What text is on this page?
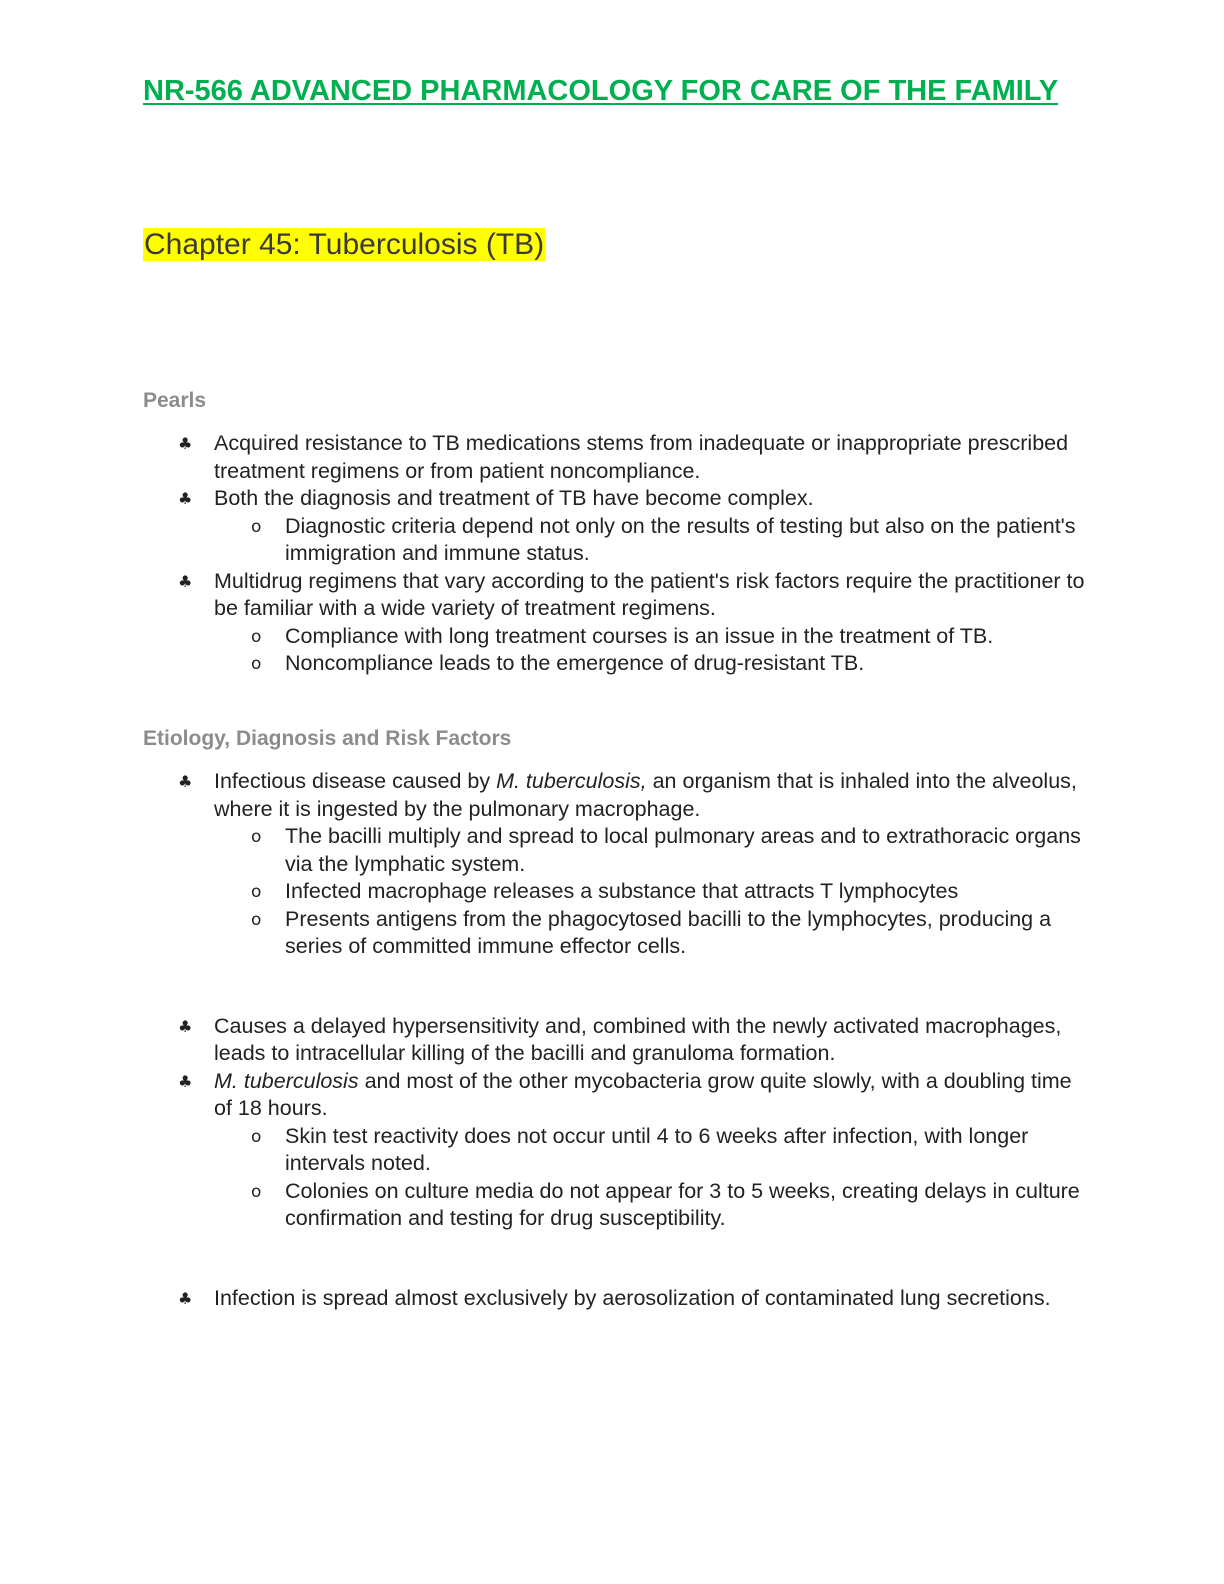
NR-566 ADVANCED PHARMACOLOGY FOR CARE OF THE FAMILY
Chapter 45: Tuberculosis (TB)
Pearls
♣ Acquired resistance to TB medications stems from inadequate or inappropriate prescribed treatment regimens or from patient noncompliance.
♣ Both the diagnosis and treatment of TB have become complex.
o Diagnostic criteria depend not only on the results of testing but also on the patient's immigration and immune status.
♣ Multidrug regimens that vary according to the patient's risk factors require the practitioner to be familiar with a wide variety of treatment regimens.
o Compliance with long treatment courses is an issue in the treatment of TB.
o Noncompliance leads to the emergence of drug-resistant TB.
Etiology, Diagnosis and Risk Factors
♣ Infectious disease caused by M. tuberculosis, an organism that is inhaled into the alveolus, where it is ingested by the pulmonary macrophage.
o The bacilli multiply and spread to local pulmonary areas and to extrathoracic organs via the lymphatic system.
o Infected macrophage releases a substance that attracts T lymphocytes
o Presents antigens from the phagocytosed bacilli to the lymphocytes, producing a series of committed immune effector cells.
♣ Causes a delayed hypersensitivity and, combined with the newly activated macrophages, leads to intracellular killing of the bacilli and granuloma formation.
♣ M. tuberculosis and most of the other mycobacteria grow quite slowly, with a doubling time of 18 hours.
o Skin test reactivity does not occur until 4 to 6 weeks after infection, with longer intervals noted.
o Colonies on culture media do not appear for 3 to 5 weeks, creating delays in culture confirmation and testing for drug susceptibility.
♣ Infection is spread almost exclusively by aerosolization of contaminated lung secretions.
